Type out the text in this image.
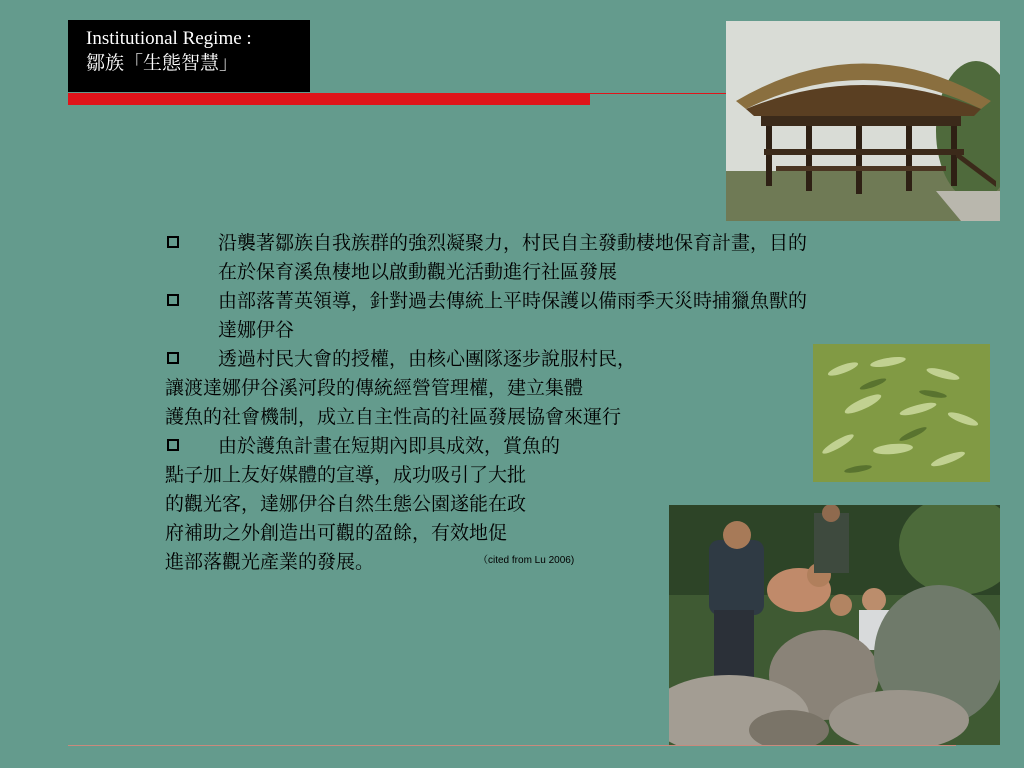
Institutional Regime :
鄒族「生態智慧」
沿襲著鄒族自我族群的強烈凝聚力，村民自主發動棲地保育計畫，目的
在於保育溪魚棲地以啟動觀光活動進行社區發展
由部落菁英領導，針對過去傳統上平時保護以備雨季天災時捕獵魚獸的
達娜伊谷
透過村民大會的授權，由核心團隊逐步說服村民，
讓渡達娜伊谷溪河段的傳統經營管理權，建立集體
護魚的社會機制，成立自主性高的社區發展協會來運行
由於護魚計畫在短期內即具成效，賞魚的
點子加上友好媒體的宣導，成功吸引了大批
的觀光客，達娜伊谷自然生態公園遂能在政
府補助之外創造出可觀的盈餘，有效地促
進部落觀光產業的發展。	（cited from Lu 2006)
